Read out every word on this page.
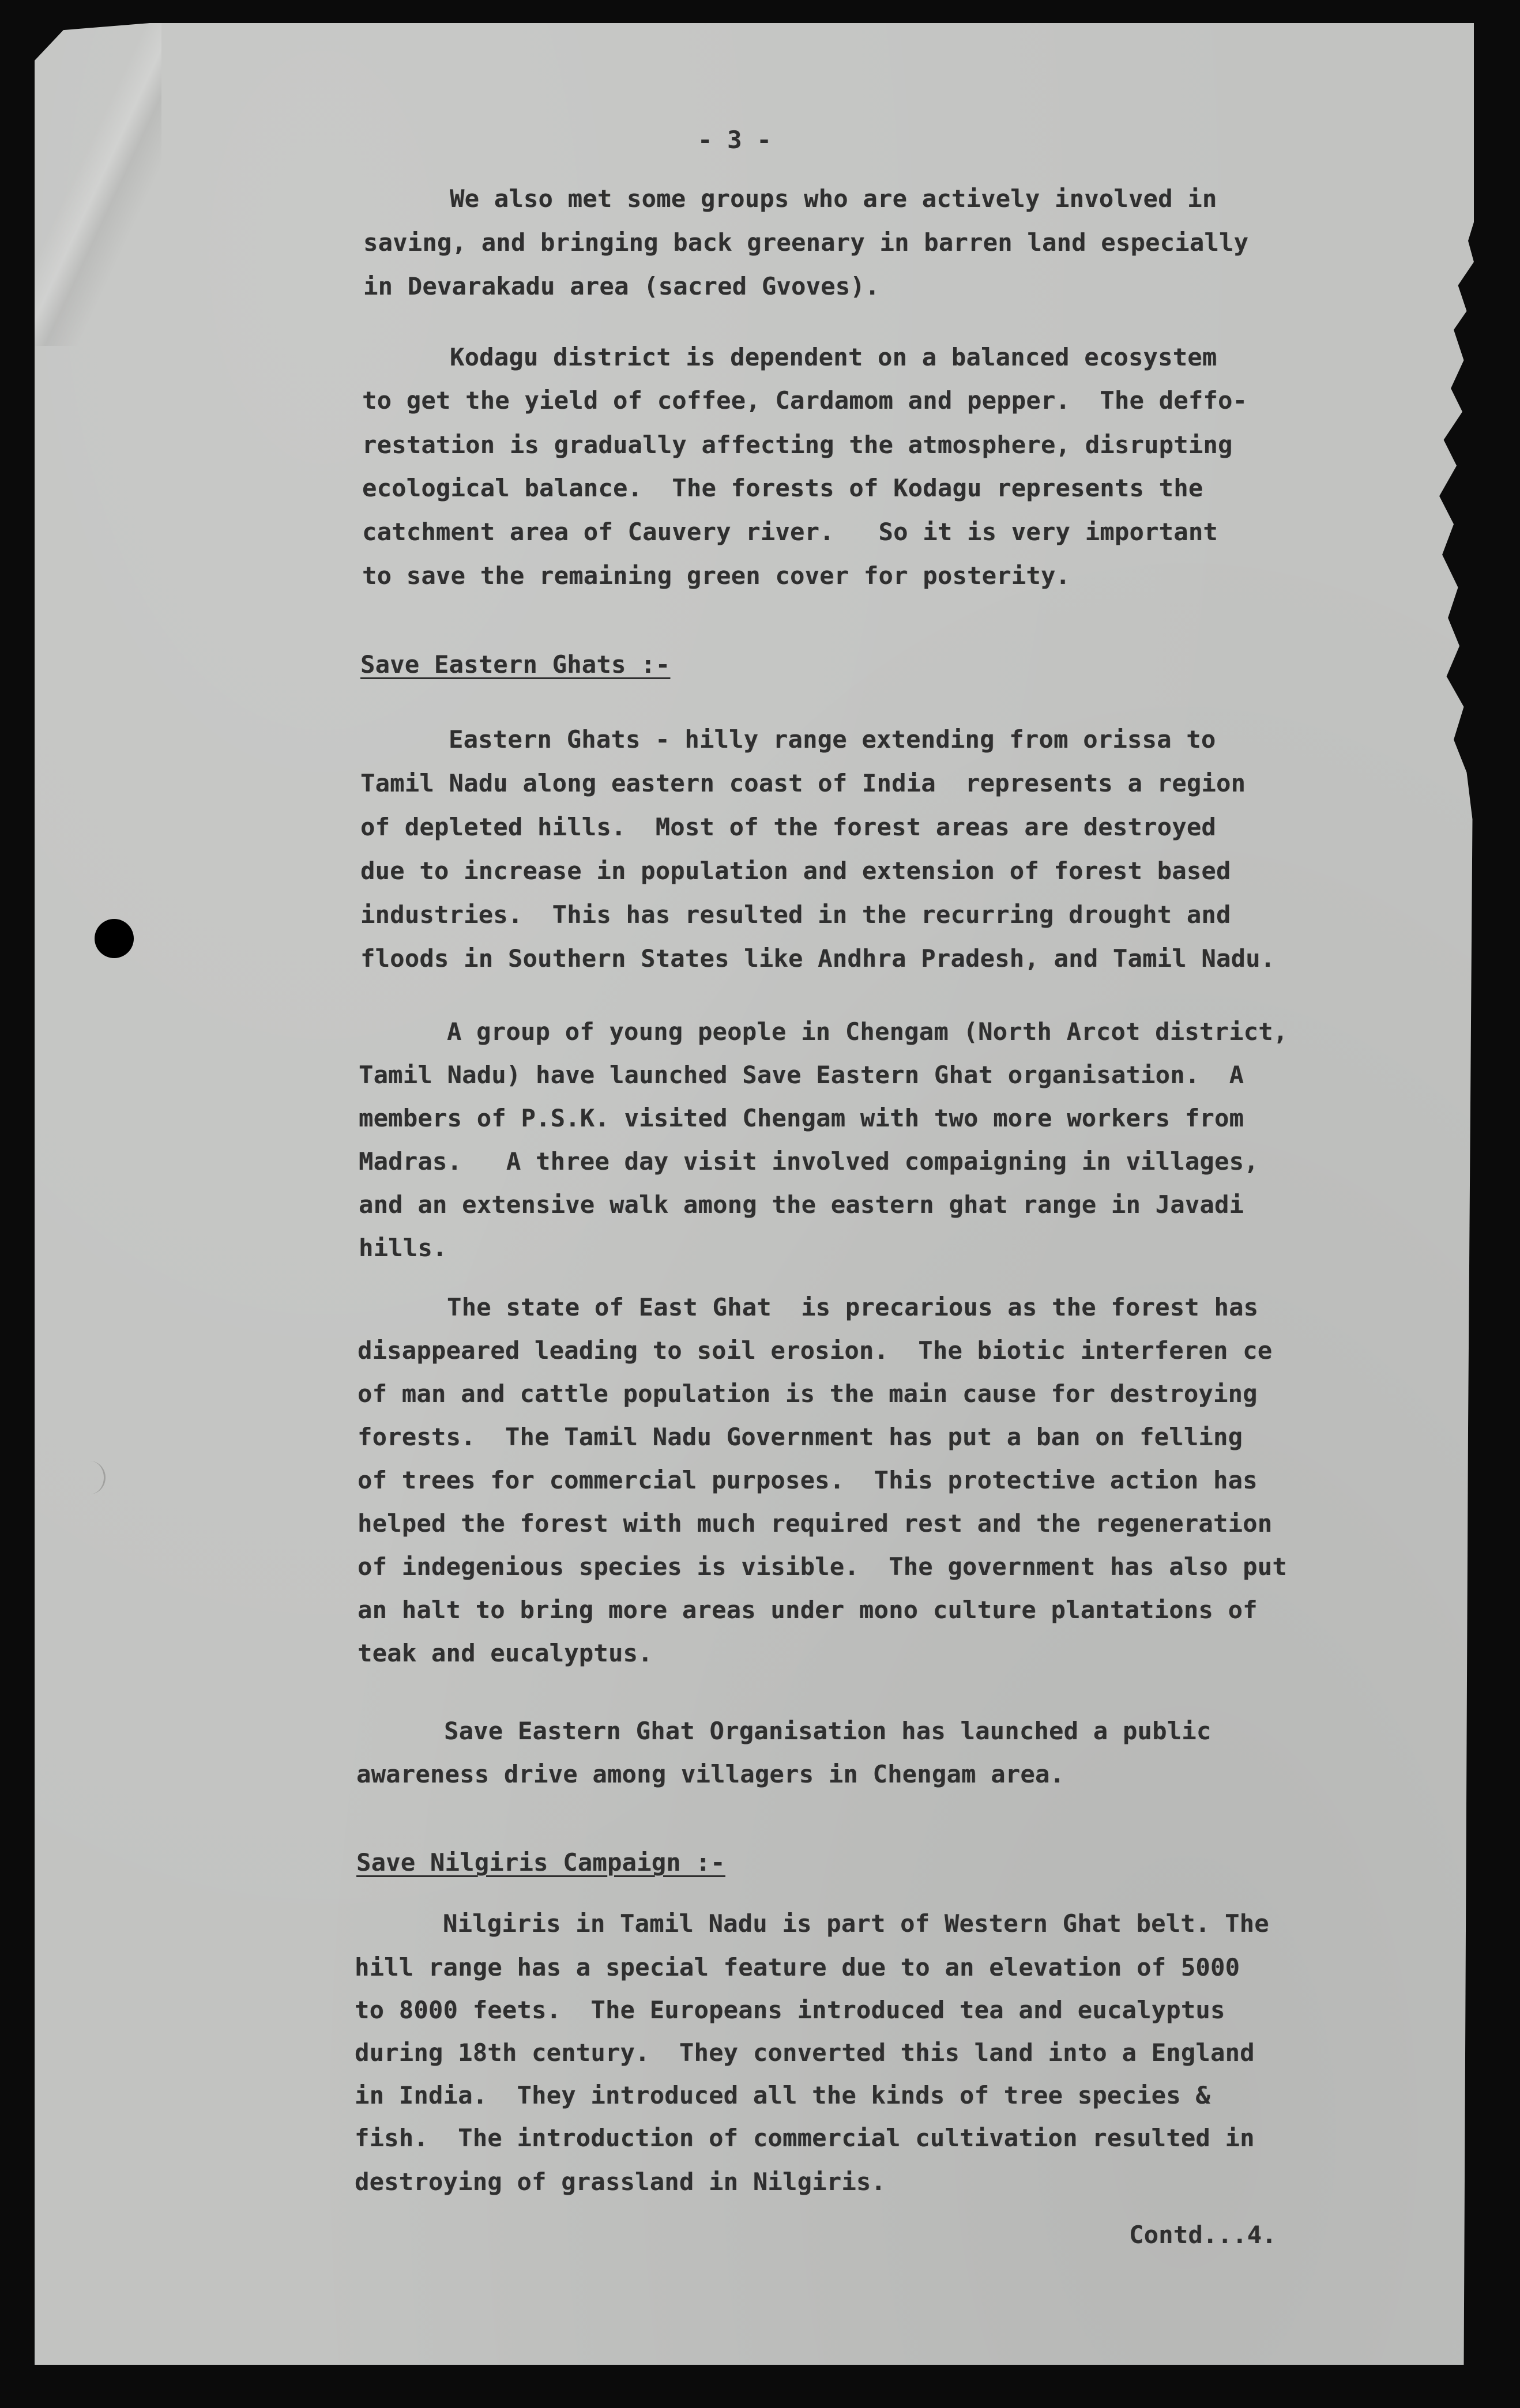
- 3 -
We also met some groups who are actively involved in
saving, and bringing back greenary in barren land especially
in Devarakadu area (sacred Gvoves).
Kodagu district is dependent on a balanced ecosystem
to get the yield of coffee, Cardamom and pepper.  The deffo-
restation is gradually affecting the atmosphere, disrupting
ecological balance.  The forests of Kodagu represents the
catchment area of Cauvery river.   So it is very important
to save the remaining green cover for posterity.
Save Eastern Ghats :-
Eastern Ghats - hilly range extending from orissa to
Tamil Nadu along eastern coast of India  represents a region
of depleted hills.  Most of the forest areas are destroyed
due to increase in population and extension of forest based
industries.  This has resulted in the recurring drought and
floods in Southern States like Andhra Pradesh, and Tamil Nadu.
A group of young people in Chengam (North Arcot district,
Tamil Nadu) have launched Save Eastern Ghat organisation.  A
members of P.S.K. visited Chengam with two more workers from
Madras.   A three day visit involved compaigning in villages,
and an extensive walk among the eastern ghat range in Javadi
hills.
The state of East Ghat  is precarious as the forest has
disappeared leading to soil erosion.  The biotic interferen ce
of man and cattle population is the main cause for destroying
forests.  The Tamil Nadu Government has put a ban on felling
of trees for commercial purposes.  This protective action has
helped the forest with much required rest and the regeneration
of indegenious species is visible.  The government has also put
an halt to bring more areas under mono culture plantations of
teak and eucalyptus.
Save Eastern Ghat Organisation has launched a public
awareness drive among villagers in Chengam area.
Save Nilgiris Campaign :-
Nilgiris in Tamil Nadu is part of Western Ghat belt. The
hill range has a special feature due to an elevation of 5000
to 8000 feets.  The Europeans introduced tea and eucalyptus
during 18th century.  They converted this land into a England
in India.  They introduced all the kinds of tree species &
fish.  The introduction of commercial cultivation resulted in
destroying of grassland in Nilgiris.
Contd...4.
